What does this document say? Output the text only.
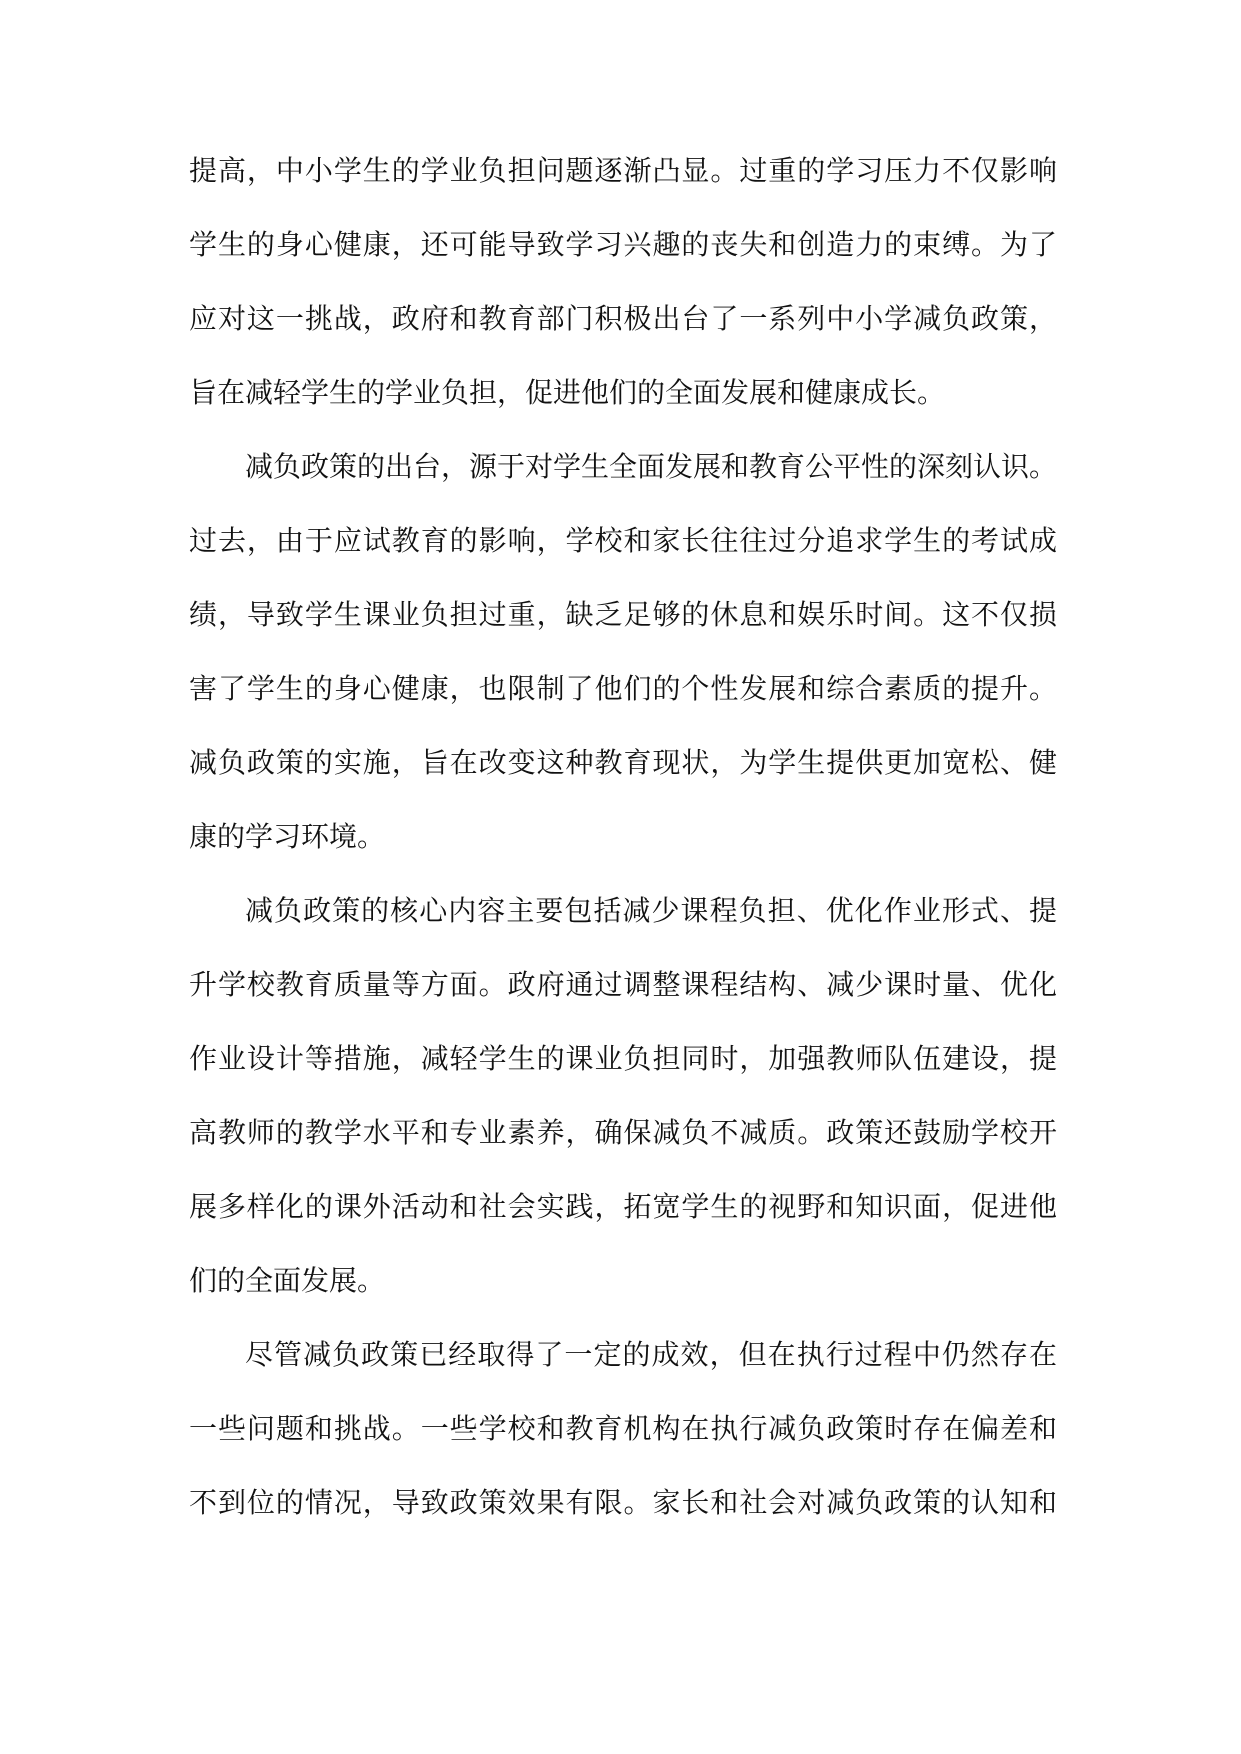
提高，中小学生的学业负担问题逐渐凸显。过重的学习压力不仅影响
学生的身心健康，还可能导致学习兴趣的丧失和创造力的束缚。为了
应对这一挑战，政府和教育部门积极出台了一系列中小学减负政策，
旨在减轻学生的学业负担，促进他们的全面发展和健康成长。
减负政策的出台，源于对学生全面发展和教育公平性的深刻认识。
过去，由于应试教育的影响，学校和家长往往过分追求学生的考试成
绩，导致学生课业负担过重，缺乏足够的休息和娱乐时间。这不仅损
害了学生的身心健康，也限制了他们的个性发展和综合素质的提升。
减负政策的实施，旨在改变这种教育现状，为学生提供更加宽松、健
康的学习环境。
减负政策的核心内容主要包括减少课程负担、优化作业形式、提
升学校教育质量等方面。政府通过调整课程结构、减少课时量、优化
作业设计等措施，减轻学生的课业负担同时，加强教师队伍建设，提
高教师的教学水平和专业素养，确保减负不减质。政策还鼓励学校开
展多样化的课外活动和社会实践，拓宽学生的视野和知识面，促进他
们的全面发展。
尽管减负政策已经取得了一定的成效，但在执行过程中仍然存在
一些问题和挑战。一些学校和教育机构在执行减负政策时存在偏差和
不到位的情况，导致政策效果有限。家长和社会对减负政策的认知和
